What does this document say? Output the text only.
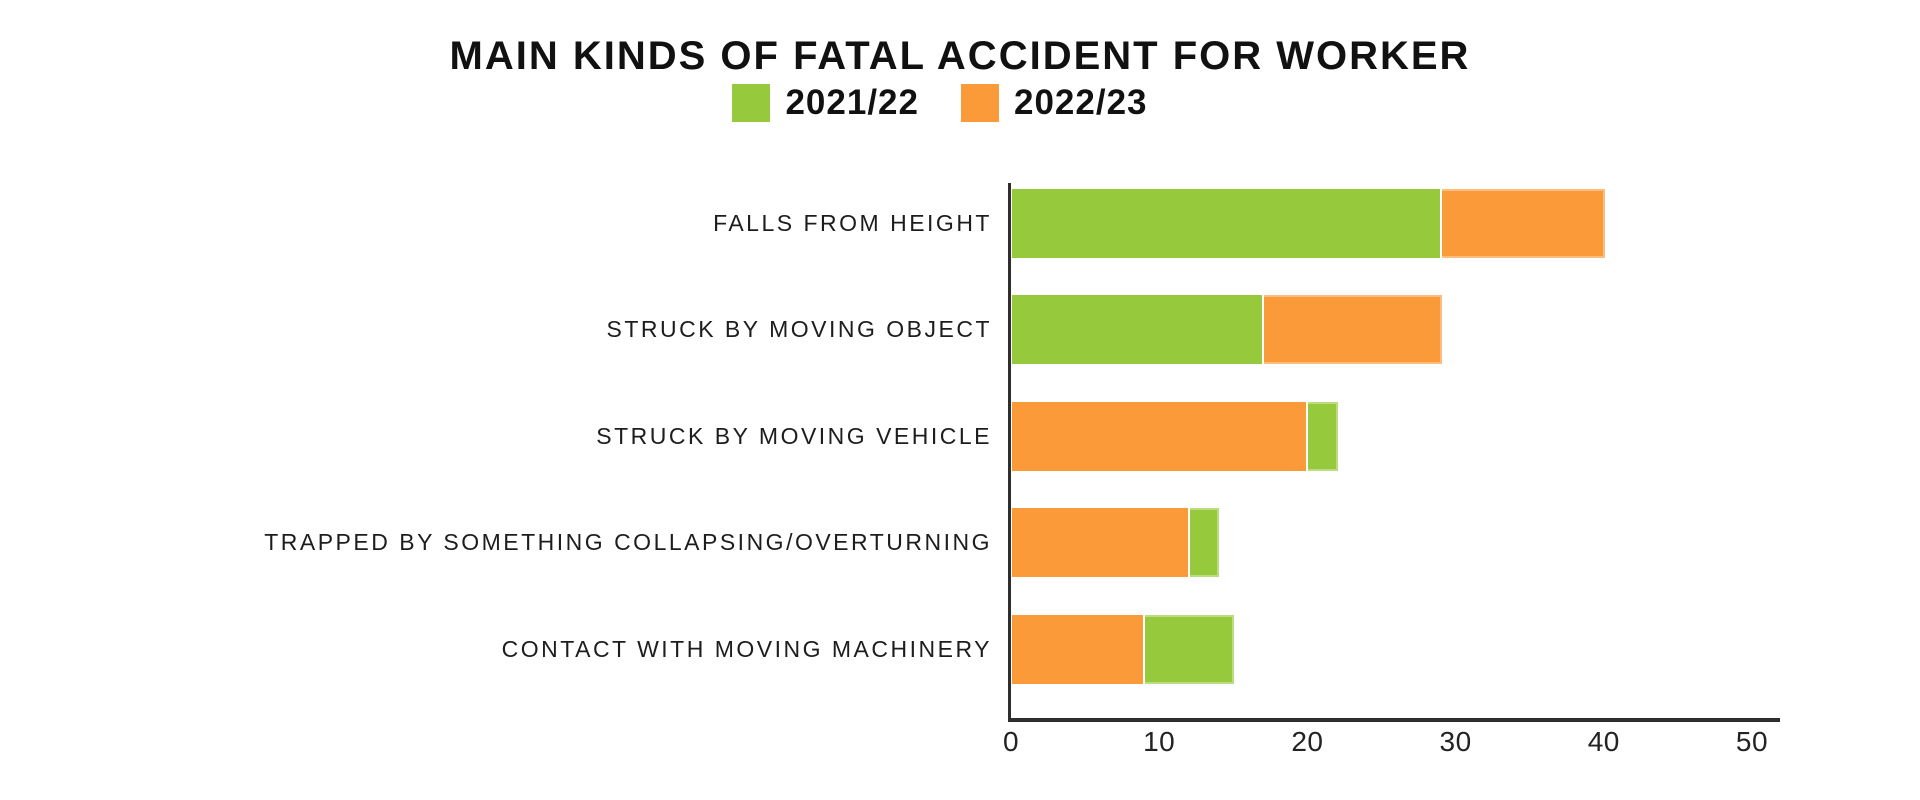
MAIN KINDS OF FATAL ACCIDENT FOR WORKER
2021/22	2022/23
FALLS FROM HEIGHT
STRUCK BY MOVING OBJECT
STRUCK BY MOVING VEHICLE
TRAPPED BY SOMETHING COLLAPSING/OVERTURNING
CONTACT WITH MOVING MACHINERY
0	10	20	30	40	50
